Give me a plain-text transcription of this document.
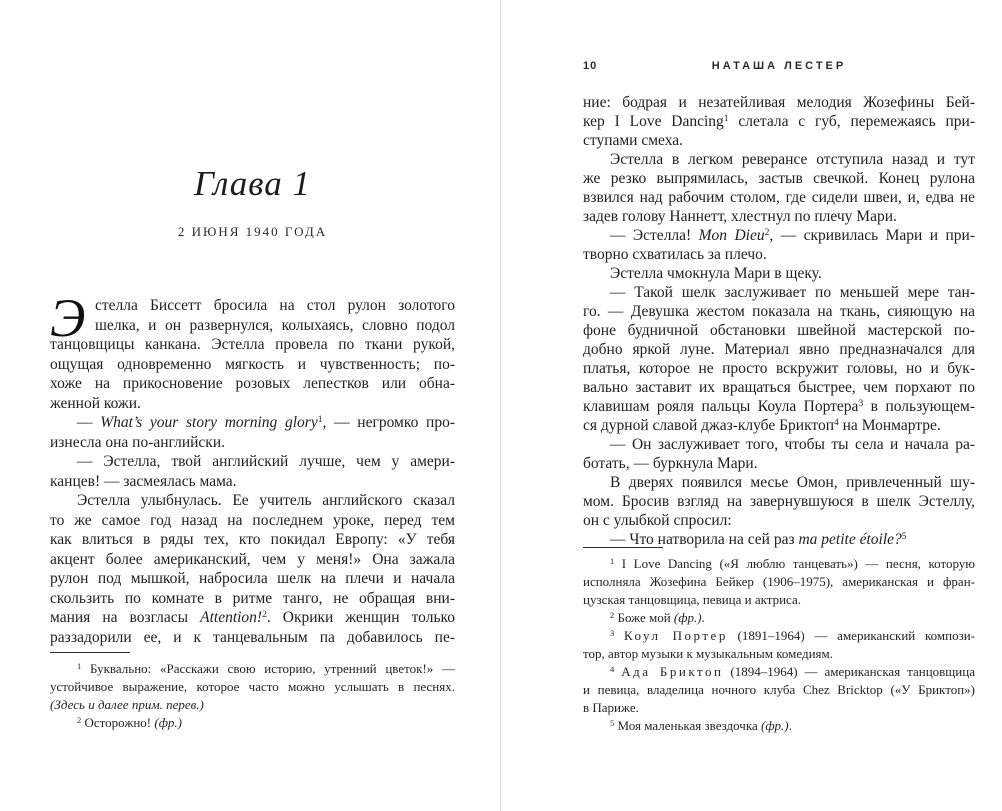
Глава 1
2 ИЮНЯ 1940 ГОДА
Э стелла Биссетт бросила на стол рулон золотого
шелка, и он развернулся, колыхаясь, словно подол
танцовщицы канкана. Эстелла провела по ткани рукой,
ощущая одновременно мягкость и чувственность; по-
хоже на прикосновение розовых лепестков или обна-
женной кожи.
— What’s your story morning glory$^1$, — негромко про-
изнесла она по-английски.
— Эстелла, твой английский лучше, чем у амери-
канцев! — засмеялась мама.
Эстелла улыбнулась. Ее учитель английского сказал
то же самое год назад на последнем уроке, перед тем
как влиться в ряды тех, кто покидал Европу: «У тебя
акцент более американский, чем у меня!» Она зажала
рулон под мышкой, набросила шелк на плечи и начала
скользить по комнате в ритме танго, не обращая вни-
мания на возгласы Attention!$^2$. Окрики женщин только
раззадорили ее, и к танцевальным па добавилось пе-
$^1$ Буквально: «Расскажи свою историю, утренний цветок!» —
устойчивое выражение, которое часто можно услышать в песнях.
(Здесь и далее прим. перев.)
$^2$ Осторожно! (фр.)
10	НАТАША ЛЕСТЕР
ние: бодрая и незатейливая мелодия Жозефины Бей-
кер I Love Dancing$^1$ слетала с губ, перемежаясь при-
ступами смеха.
Эстелла в легком реверансе отступила назад и тут
же резко выпрямилась, застыв свечкой. Конец рулона
взвился над рабочим столом, где сидели швеи, и, едва не
задев голову Наннетт, хлестнул по плечу Мари.
— Эстелла! Mon Dieu$^2$, — скривилась Мари и при-
творно схватилась за плечо.
Эстелла чмокнула Мари в щеку.
— Такой шелк заслуживает по меньшей мере тан-
го. — Девушка жестом показала на ткань, сияющую на
фоне будничной обстановки швейной мастерской по-
добно яркой луне. Материал явно предназначался для
платья, которое не просто вскружит головы, но и бук-
вально заставит их вращаться быстрее, чем порхают по
клавишам рояля пальцы Коула Портера$^3$ в пользующем-
ся дурной славой джаз-клубе Бриктоп$^4$ на Монмартре.
— Он заслуживает того, чтобы ты села и начала ра-
ботать, — буркнула Мари.
В дверях появился месье Омон, привлеченный шу-
мом. Бросив взгляд на завернувшуюся в шелк Эстеллу,
он с улыбкой спросил:
— Что натворила на сей раз ma petite étoile?$^5$
$^1$ I Love Dancing («Я люблю танцевать») — песня, которую
исполняла Жозефина Бейкер (1906–1975), американская и фран-
цузская танцовщица, певица и актриса.
$^2$ Боже мой (фр.).
$^3$ Коул Портер (1891–1964) — американский компози-
тор, автор музыки к музыкальным комедиям.
$^4$ Ада Бриктоп (1894–1964) — американская танцовщица
и певица, владелица ночного клуба Chez Bricktop («У Бриктоп»)
в Париже.
$^5$ Моя маленькая звездочка (фр.).
